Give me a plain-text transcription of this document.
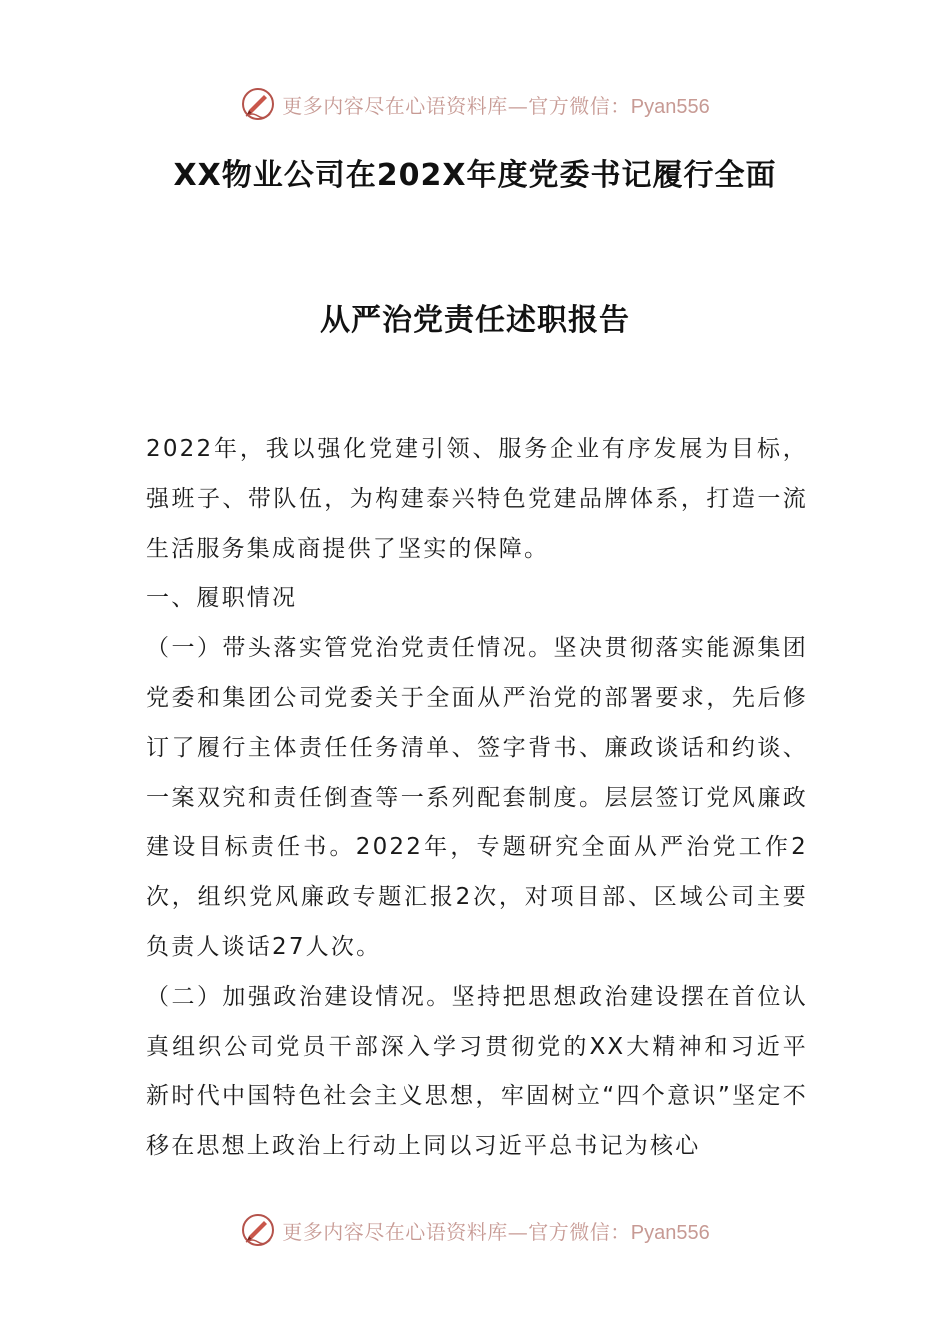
更多内容尽在心语资料库—官方微信：Pyan556
XX物业公司在202X年度党委书记履行全面
从严治党责任述职报告

2022年，我以强化党建引领、服务企业有序发展为目标，强班子、带队伍，为构建泰兴特色党建品牌体系，打造一流生活服务集成商提供了坚实的保障。

一、履职情况

（一）带头落实管党治党责任情况。坚决贯彻落实能源集团党委和集团公司党委关于全面从严治党的部署要求，先后修订了履行主体责任任务清单、签字背书、廉政谈话和约谈、一案双究和责任倒查等一系列配套制度。层层签订党风廉政建设目标责任书。2022年，专题研究全面从严治党工作2次，组织党风廉政专题汇报2次，对项目部、区域公司主要负责人谈话27人次。

（二）加强政治建设情况。坚持把思想政治建设摆在首位认真组织公司党员干部深入学习贯彻党的XX大精神和习近平新时代中国特色社会主义思想，牢固树立“四个意识”坚定不移在思想上政治上行动上同以习近平总书记为核心

更多内容尽在心语资料库—官方微信：Pyan556
